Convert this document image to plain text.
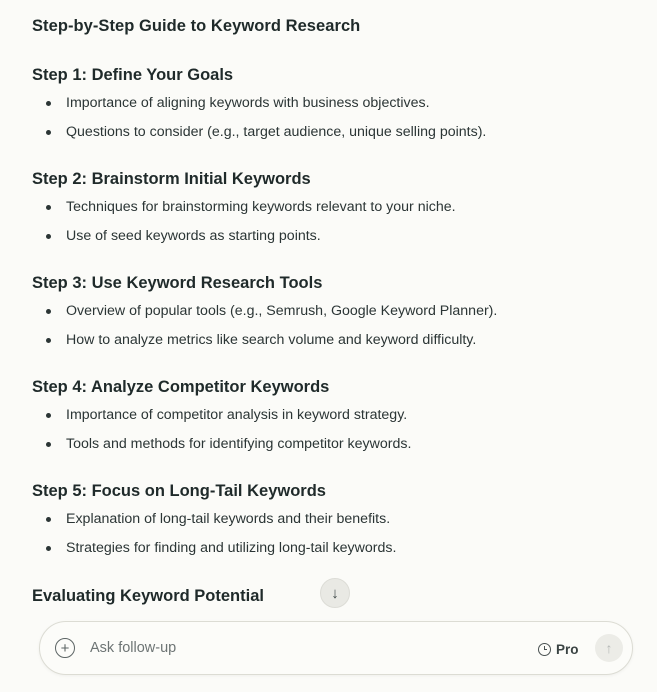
Step-by-Step Guide to Keyword Research
Step 1: Define Your Goals
Importance of aligning keywords with business objectives.
Questions to consider (e.g., target audience, unique selling points).
Step 2: Brainstorm Initial Keywords
Techniques for brainstorming keywords relevant to your niche.
Use of seed keywords as starting points.
Step 3: Use Keyword Research Tools
Overview of popular tools (e.g., Semrush, Google Keyword Planner).
How to analyze metrics like search volume and keyword difficulty.
Step 4: Analyze Competitor Keywords
Importance of competitor analysis in keyword strategy.
Tools and methods for identifying competitor keywords.
Step 5: Focus on Long-Tail Keywords
Explanation of long-tail keywords and their benefits.
Strategies for finding and utilizing long-tail keywords.
Evaluating Keyword Potential	↓
+
Ask follow-up	Pro ↑
